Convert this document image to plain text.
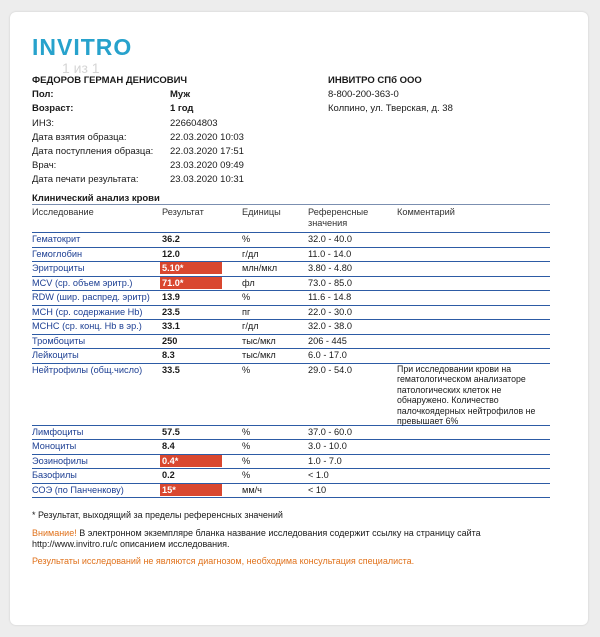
INVITRO
1 из 1
ФЕДОРОВ ГЕРМАН ДЕНИСОВИЧ
Пол:	Муж
Возраст:	1 год
ИНЗ:	226604803
Дата взятия образца:	22.03.2020 10:03
Дата поступления образца: 22.03.2020 17:51
Врач:	23.03.2020 09:49
Дата печати результата:	23.03.2020 10:31
ИНВИТРО СПб ООО
8-800-200-363-0
Колпино, ул. Тверская, д. 38
Клинический анализ крови
Исследование	Результат	Единицы	Референсные значения
Комментарий
Гематокрит	36.2	%	32.0 - 40.0
Гемоглобин	12.0	г/дл	11.0 - 14.0
Эритроциты	5.10*	млн/мкл	3.80 - 4.80
MCV (ср. объем эритр.)	71.0*	фл	73.0 - 85.0
RDW (шир. распред. эритр) 13.9	%	11.6 - 14.8
MCH (ср. содержание Hb) 23.5	пг	22.0 - 30.0
MCHC (ср. конц. Hb в эр.) 33.1	г/дл	32.0 - 38.0
Тромбоциты	250	тыс/мкл	206 - 445
Лейкоциты	8.3	тыс/мкл	6.0 - 17.0
Нейтрофилы (общ.число) 33.5	%	29.0 - 54.0	При исследовании крови на гематологическом анализаторе патологических клеток не обнаружено. Количество палочкоядерных нейтрофилов не превышает 6%
Лимфоциты	57.5	%	37.0 - 60.0
Моноциты	8.4	%	3.0 - 10.0
Эозинофилы	0.4*	%	1.0 - 7.0
Базофилы	0.2	%	< 1.0
СОЭ (по Панченкову)	15*	мм/ч	< 10
* Результат, выходящий за пределы референсных значений
Внимание! В электронном экземпляре бланка название исследования содержит ссылку на страницу сайта http://www.invitro.ru/c описанием исследования.
Результаты исследований не являются диагнозом, необходима консультация специалиста.
